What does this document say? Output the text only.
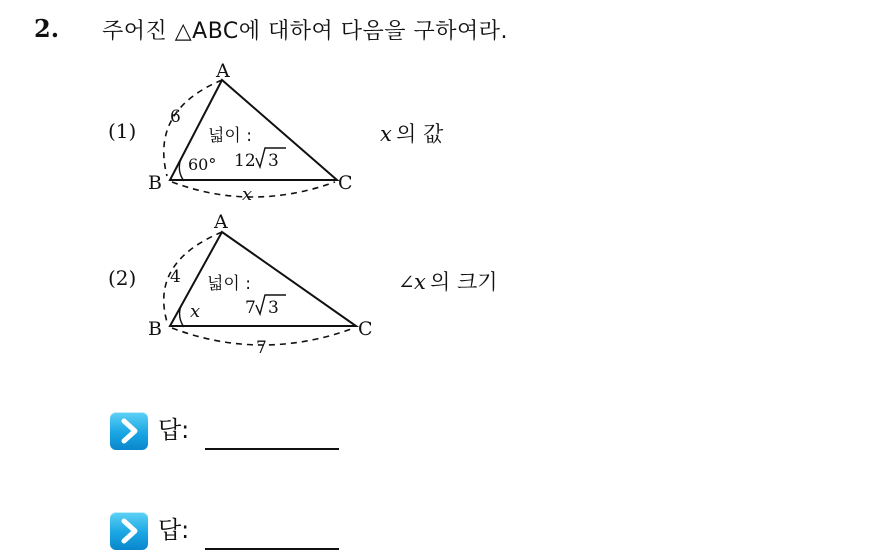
2. 주어진 △ABC에 대하여 다음을 구하여라.
(1)
A
B	C
6
60°
넓이 :
12 3
x
x 의 값
(2)
A
B	C
4
x
넓이 :
7 3
7
∠ x 의 크기
답:
답:
